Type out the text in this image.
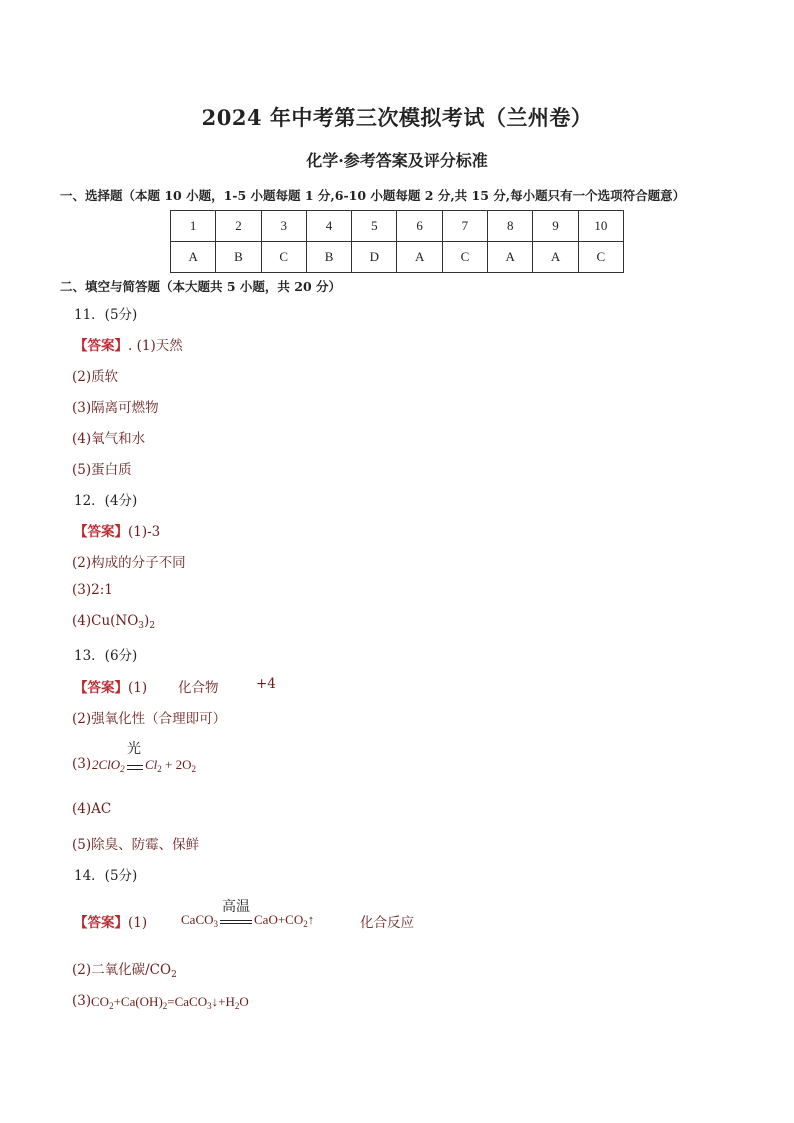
2024 年中考第三次模拟考试（兰州卷）
化学·参考答案及评分标准
一、选择题（本题 10 小题，1-5 小题每题 1 分,6-10 小题每题 2 分,共 15 分,每小题只有一个选项符合题意）
1	2	3	4	5	6	7	8	9	10
A	B	C	B	D	A	C	A	A	C
二、填空与简答题（本大题共 5 小题，共 20 分）
11．(5分)
【答案】. (1)天然
(2)质软
(3)隔离可燃物
(4)氧气和水
(5)蛋白质
12．(4分)
【答案】(1)-3
(2)构成的分子不同
(3)2:1
$(4)Cu(NO_3)_2$
13．(6分)
【答案】(1) 化合物	+4
(2)强氧化性（合理即可）
(3) 2ClO$_2$
光
$Cl_2 + 2O_2$
(4)AC
(5)除臭、防霉、保鲜
14．(5分)
【答案】(1)	CaCO$_3$
高温
$CaO+CO_2↑$	化合反应
(2)二氧化碳$/CO_2$
(3) $CO_2+Ca(OH)_2=CaCO_3↓+H_2O$
